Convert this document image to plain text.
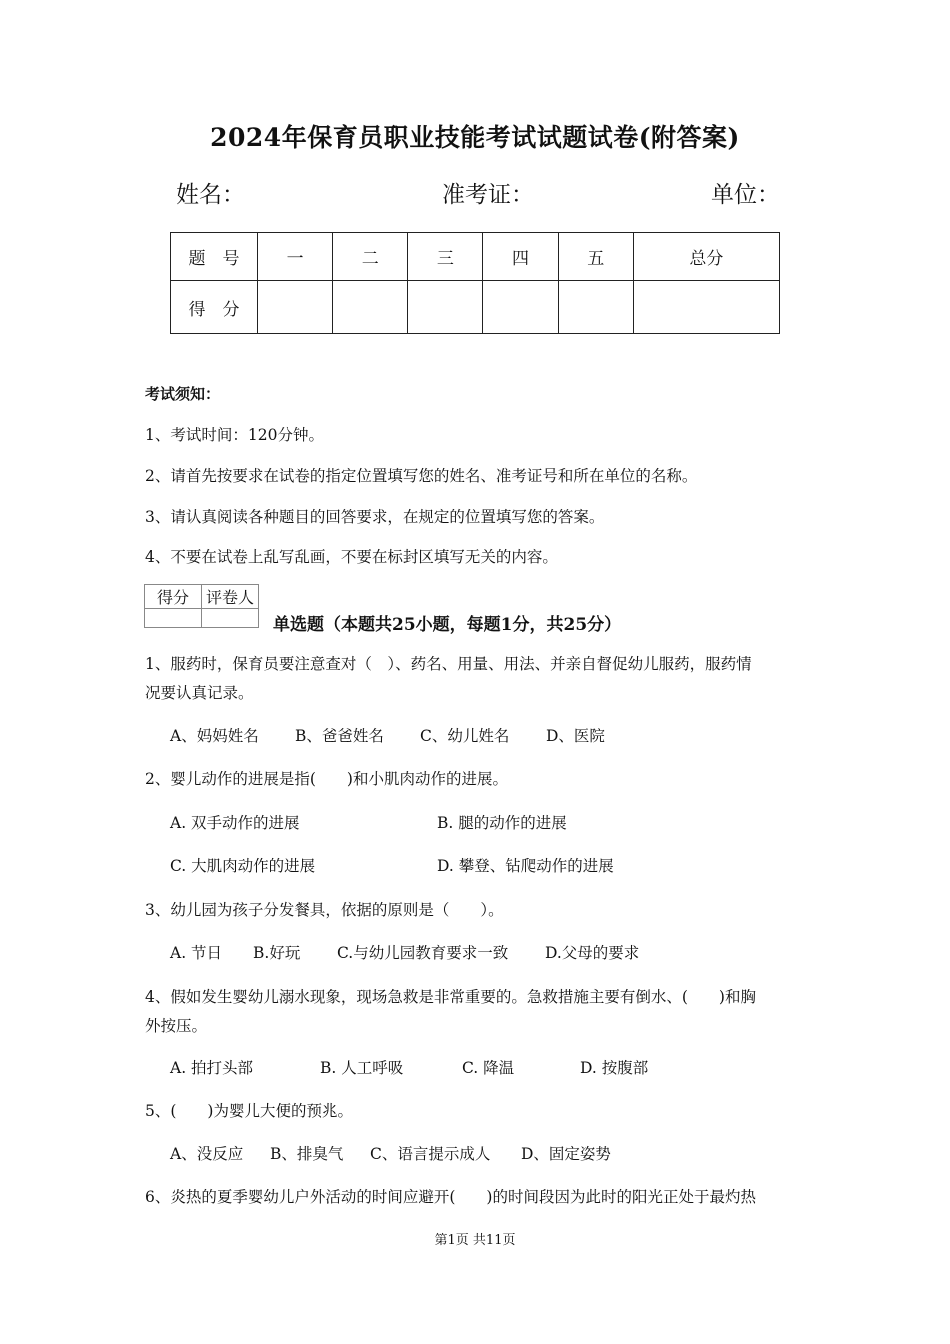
2024年保育员职业技能考试试题试卷(附答案)
姓名：	准考证：	单位：
题　号	一	二	三	四	五	总分
得　分						
考试须知：
1、考试时间：120分钟。
2、请首先按要求在试卷的指定位置填写您的姓名、准考证号和所在单位的名称。
3、请认真阅读各种题目的回答要求，在规定的位置填写您的答案。
4、不要在试卷上乱写乱画，不要在标封区填写无关的内容。
得分	评卷人

单选题（本题共25小题，每题1分，共25分）
1、服药时，保育员要注意查对（　）、药名、用量、用法、并亲自督促幼儿服药，服药情
况要认真记录。
A、妈妈姓名 B、爸爸姓名 C、幼儿姓名 D、医院
2、婴儿动作的进展是指(　　)和小肌肉动作的进展。
A. 双手动作的进展	B. 腿的动作的进展
C. 大肌肉动作的进展	D. 攀登、钻爬动作的进展
3、幼儿园为孩子分发餐具，依据的原则是（　　）。
A. 节日 B.好玩 C.与幼儿园教育要求一致 D.父母的要求
4、假如发生婴幼儿溺水现象，现场急救是非常重要的。急救措施主要有倒水、(　　)和胸
外按压。
A. 拍打头部	B. 人工呼吸	C. 降温	D. 按腹部
5、(　　)为婴儿大便的预兆。
A、没反应 B、排臭气 C、语言提示成人 D、固定姿势
6、炎热的夏季婴幼儿户外活动的时间应避开(　　)的时间段因为此时的阳光正处于最灼热
第1页 共11页
